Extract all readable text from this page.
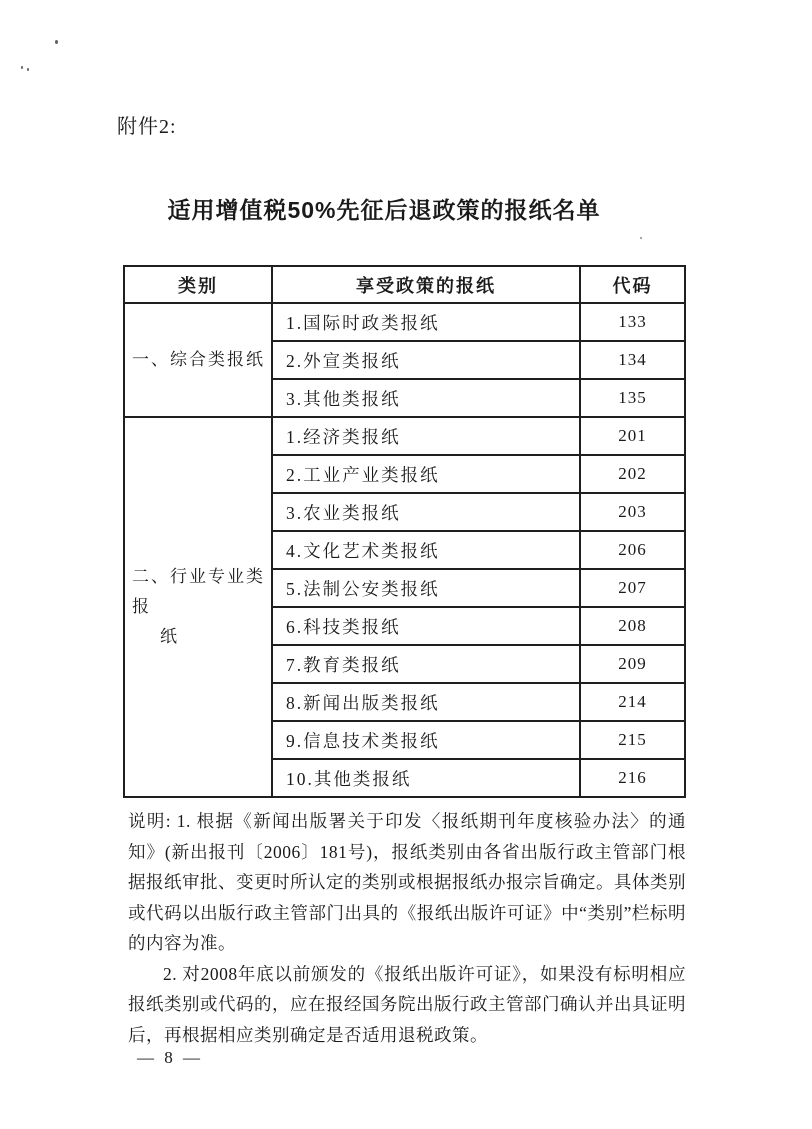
附件2:
适用增值税50%先征后退政策的报纸名单
类别	享受政策的报纸	代码

一、综合类报纸	1.国际时政类报纸	133
	2.外宣类报纸	134
	3.其他类报纸	135

二、行业专业类报
纸	1.经济类报纸	201
	2.工业产业类报纸	202
	3.农业类报纸	203
	4.文化艺术类报纸	206
	5.法制公安类报纸	207
	6.科技类报纸	208
	7.教育类报纸	209
	8.新闻出版类报纸	214
	9.信息技术类报纸	215
	10.其他类报纸	216

说明: 1. 根据《新闻出版署关于印发〈报纸期刊年度核验办法〉的通知》(新出报刊〔2006〕181号)，报纸类别由各省出版行政主管部门根据报纸审批、变更时所认定的类别或根据报纸办报宗旨确定。具体类别或代码以出版行政主管部门出具的《报纸出版许可证》中“类别”栏标明的内容为准。

2. 对2008年底以前颁发的《报纸出版许可证》，如果没有标明相应报纸类别或代码的，应在报经国务院出版行政主管部门确认并出具证明后，再根据相应类别确定是否适用退税政策。

— 8 —
